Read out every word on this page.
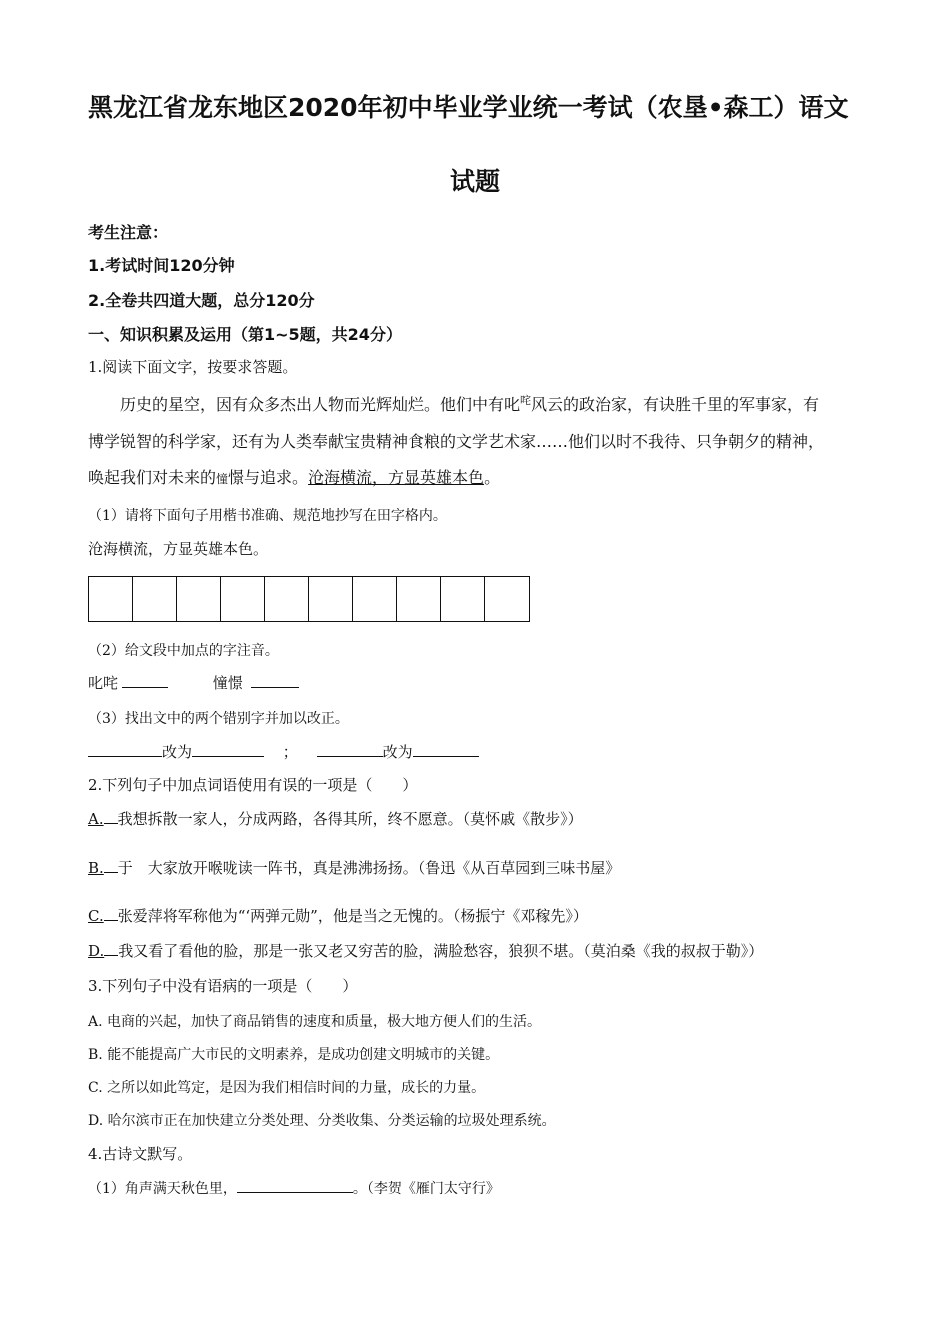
黑龙江省龙东地区2020年初中毕业学业统一考试（农垦•森工）语文
试题
考生注意：
1.考试时间120分钟
2.全卷共四道大题，总分120分
一、知识积累及运用（第1~5题，共24分）
1.阅读下面文字，按要求答题。
历史的星空，因有众多杰出人物而光辉灿烂。他们中有叱$^咤$风云的政治家，有诀胜千里的军事家，有
博学锐智的科学家，还有为人类奉献宝贵精神食粮的文学艺术家……他们以时不我待、只争朝夕的精神，
唤起我们对未来的憧憬与追求。沧海横流，方显英雄本色。
（1）请将下面句子用楷书准确、规范地抄写在田字格内。
沧海横流，方显英雄本色。
（2）给文段中加点的字注音。
叱咤	憧憬
（3）找出文中的两个错别字并加以改正。
改为	；	改为
2.下列句子中加点词语使用有误的一项是（　　）
A. 我想拆散一家人，分成两路，各得其所，终不愿意。（莫怀戚《散步》）
B. 于　大家放开喉咙读一阵书，真是沸沸扬扬。（鲁迅《从百草园到三味书屋》
C. 张爱萍将军称他为“‘两弹元勋”，他是当之无愧的。（杨振宁《邓稼先》）
D. 我又看了看他的脸，那是一张又老又穷苦的脸，满脸愁容，狼狈不堪。（莫泊桑《我的叔叔于勒》）
3.下列句子中没有语病的一项是（　　）
A. 电商的兴起，加快了商品销售的速度和质量，极大地方便人们的生活。
B. 能不能提高广大市民的文明素养，是成功创建文明城市的关键。
C. 之所以如此笃定，是因为我们相信时间的力量，成长的力量。
D. 哈尔滨市正在加快建立分类处理、分类收集、分类运输的垃圾处理系统。
4.古诗文默写。
（1）角声满天秋色里，	。（李贺《雁门太守行》
